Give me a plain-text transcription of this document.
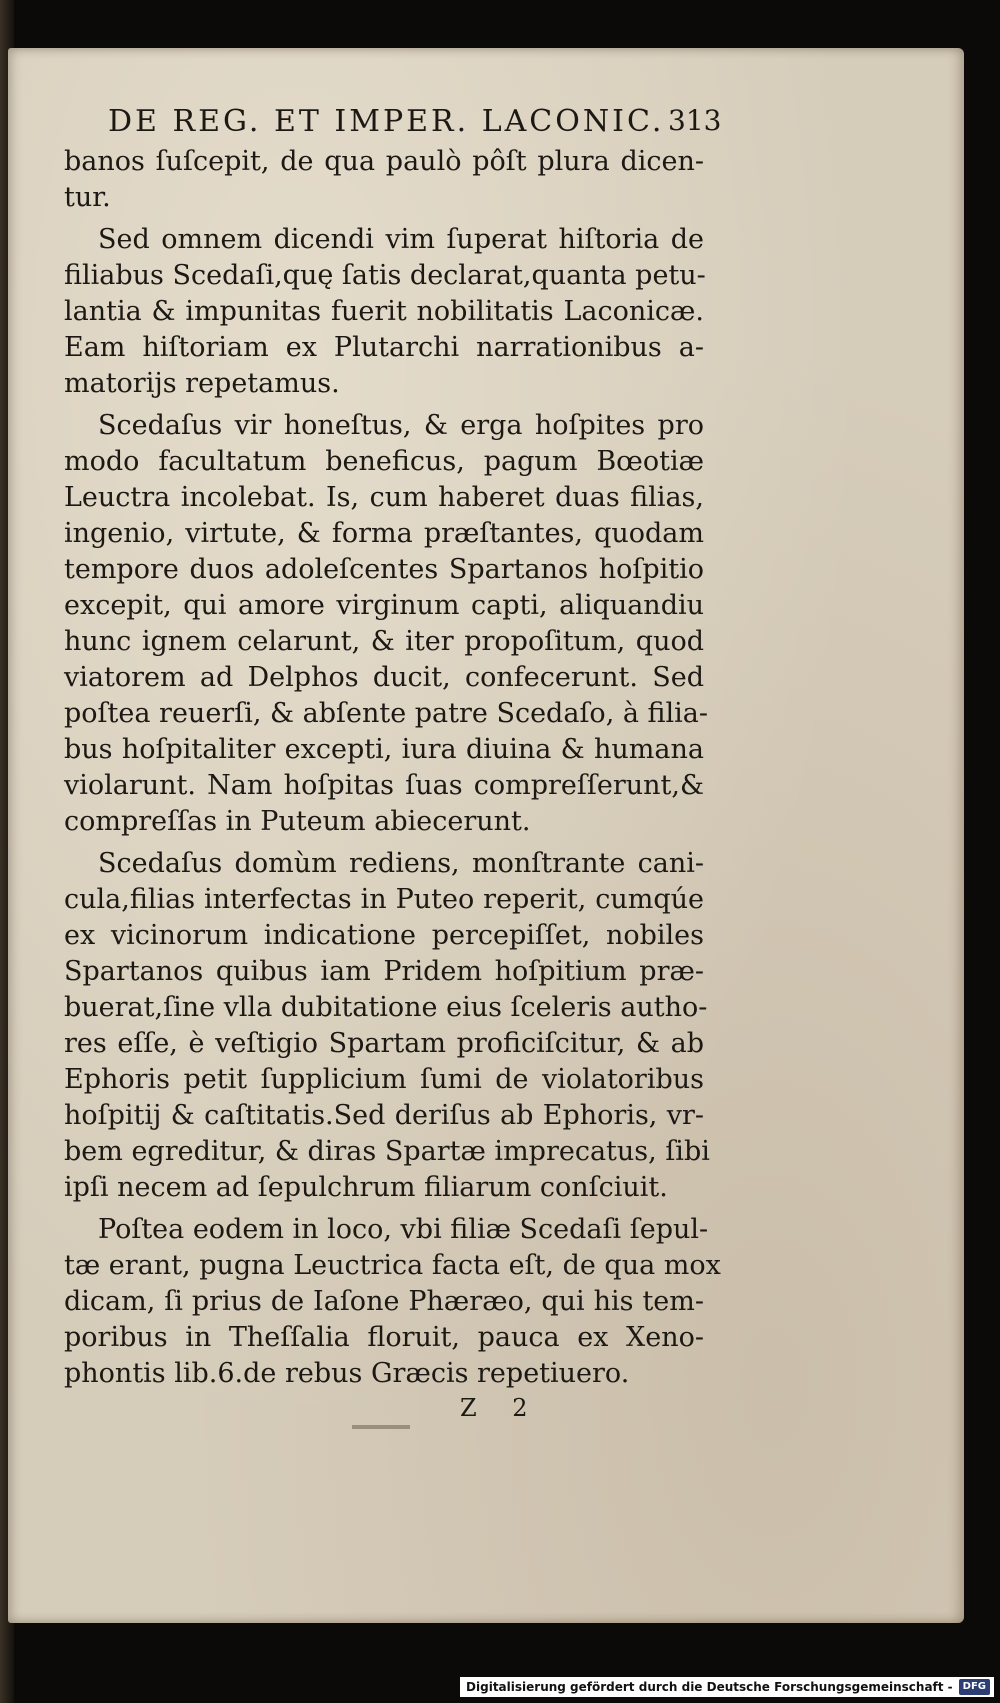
DE REG. ET IMPER. LACONIC. 313
banos ſuſcepit, de qua paulò pôſt plura dicen-
tur.
Sed omnem dicendi vim ſuperat hiſtoria de
filiabus Scedaſi,quę ſatis declarat,quanta petu-
lantia & impunitas fuerit nobilitatis Laconicæ.
Eam hiſtoriam ex Plutarchi narrationibus a-
matorijs repetamus.
Scedaſus vir honeſtus, & erga hoſpites pro
modo facultatum beneficus, pagum Bœotiæ
Leuctra incolebat. Is, cum haberet duas filias,
ingenio, virtute, & forma præſtantes, quodam
tempore duos adoleſcentes Spartanos hoſpitio
excepit, qui amore virginum capti, aliquandiu
hunc ignem celarunt, & iter propoſitum, quod
viatorem ad Delphos ducit, confecerunt. Sed
poſtea reuerſi, & abſente patre Scedaſo, à filia-
bus hoſpitaliter excepti, iura diuina & humana
violarunt. Nam hoſpitas ſuas compreſſerunt,&
compreſſas in Puteum abiecerunt.
Scedaſus domùm rediens, monſtrante cani-
cula,filias interfectas in Puteo reperit, cumqúe
ex vicinorum indicatione percepiſſet, nobiles
Spartanos quibus iam Pridem hoſpitium præ-
buerat,ſine vlla dubitatione eius ſceleris autho-
res eſſe, è veſtigio Spartam proficiſcitur, & ab
Ephoris petit ſupplicium ſumi de violatoribus
hoſpitij & caſtitatis.Sed deriſus ab Ephoris, vr-
bem egreditur, & diras Spartæ imprecatus, ſibi
ipſi necem ad ſepulchrum filiarum conſciuit.
Poſtea eodem in loco, vbi filiæ Scedaſi ſepul-
tæ erant, pugna Leuctrica facta eſt, de qua mox
dicam, ſi prius de Iaſone Phæræo, qui his tem-
poribus in Theſſalia floruit, pauca ex Xeno-
phontis lib.6.de rebus Græcis repetiuero.
Z 2
Digitalisierung gefördert durch die Deutsche Forschungsgemeinschaft -	DFG
